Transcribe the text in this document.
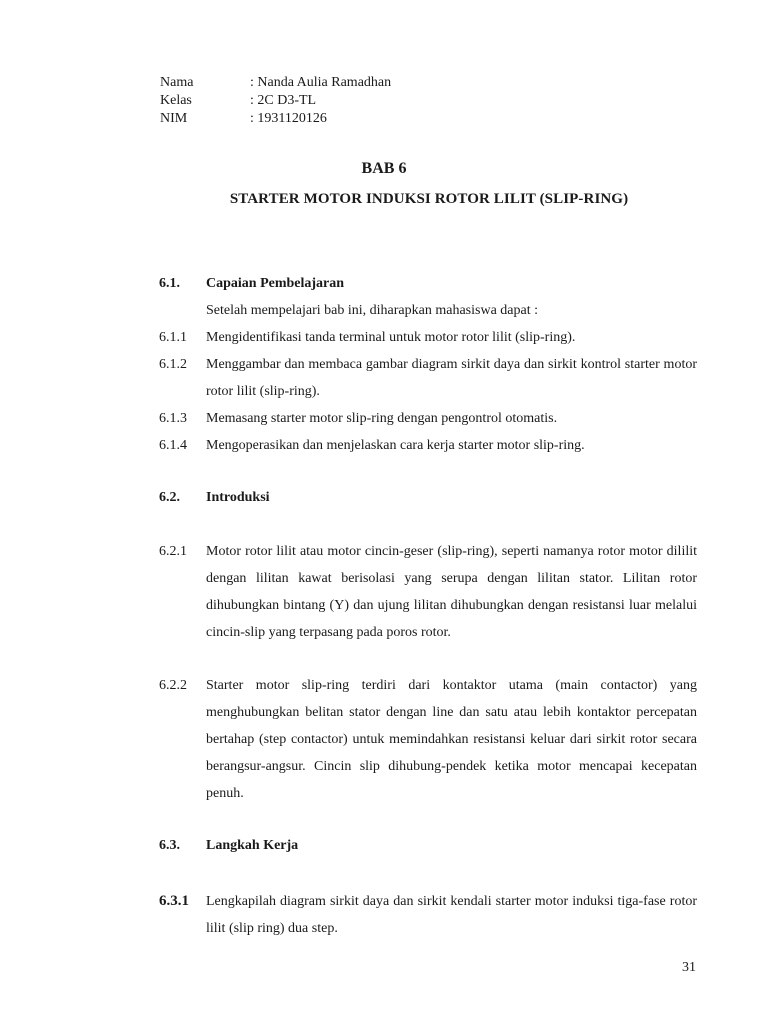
Nama	: Nanda Aulia Ramadhan
Kelas	: 2C D3-TL
NIM	: 1931120126
BAB 6
STARTER MOTOR INDUKSI ROTOR LILIT (SLIP-RING)
6.1.	Capaian Pembelajaran
Setelah mempelajari bab ini, diharapkan mahasiswa dapat :
6.1.1	Mengidentifikasi tanda terminal untuk motor rotor lilit (slip-ring).
6.1.2	Menggambar dan membaca gambar diagram sirkit daya dan sirkit kontrol starter motor rotor lilit (slip-ring).
6.1.3	Memasang starter motor slip-ring dengan pengontrol otomatis.
6.1.4	Mengoperasikan dan menjelaskan cara kerja starter motor slip-ring.
6.2.	Introduksi
6.2.1	Motor rotor lilit atau motor cincin-geser (slip-ring), seperti namanya rotor motor dililit dengan lilitan kawat berisolasi yang serupa dengan lilitan stator. Lilitan rotor dihubungkan bintang (Y) dan ujung lilitan dihubungkan dengan resistansi luar melalui cincin-slip yang terpasang pada poros rotor.
6.2.2	Starter motor slip-ring terdiri dari kontaktor utama (main contactor) yang menghubungkan belitan stator dengan line dan satu atau lebih kontaktor percepatan bertahap (step contactor) untuk memindahkan resistansi keluar dari sirkit rotor secara berangsur-angsur. Cincin slip dihubung-pendek ketika motor mencapai kecepatan penuh.
6.3.	Langkah Kerja
6.3.1	Lengkapilah diagram sirkit daya dan sirkit kendali starter motor induksi tiga-fase rotor lilit (slip ring) dua step.
31
